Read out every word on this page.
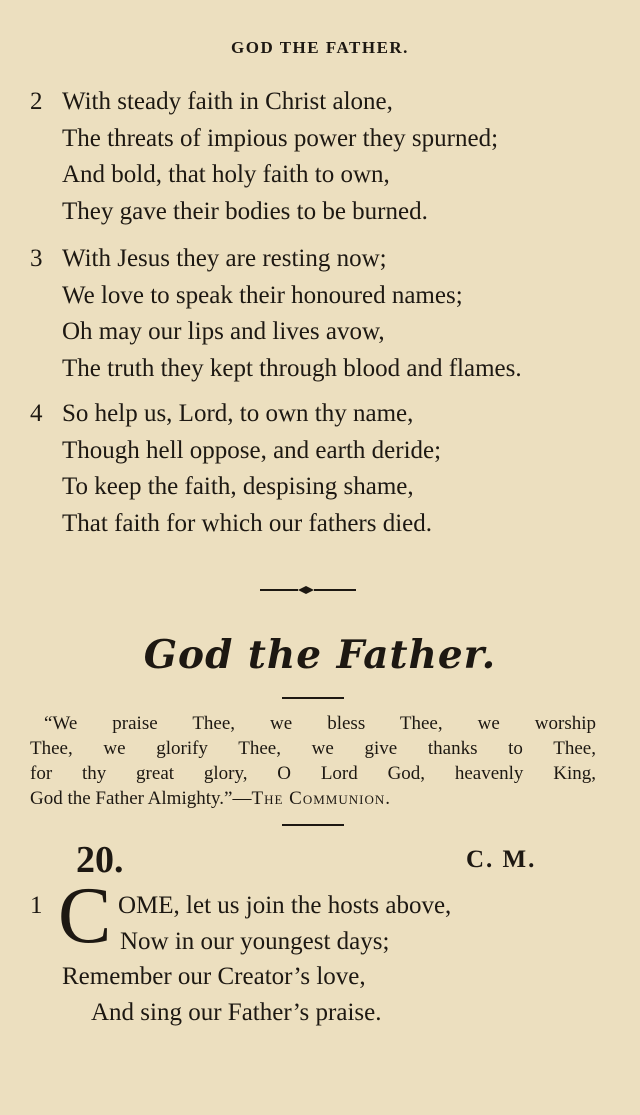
GOD THE FATHER.
2 With steady faith in Christ alone,
The threats of impious power they spurned;
And bold, that holy faith to own,
They gave their bodies to be burned.
3 With Jesus they are resting now;
We love to speak their honoured names;
Oh may our lips and lives avow,
The truth they kept through blood and flames.
4 So help us, Lord, to own thy name,
Though hell oppose, and earth deride;
To keep the faith, despising shame,
That faith for which our fathers died.
God the Father.
“We praise Thee, we bless Thee, we worship
Thee, we glorify Thee, we give thanks to Thee,
for thy great glory, O Lord God, heavenly King,
God the Father Almighty.”—The Communion.
20.	C. M.
1 C OME, let us join the hosts above,
Now in our youngest days;
Remember our Creator’s love,
And sing our Father’s praise.
